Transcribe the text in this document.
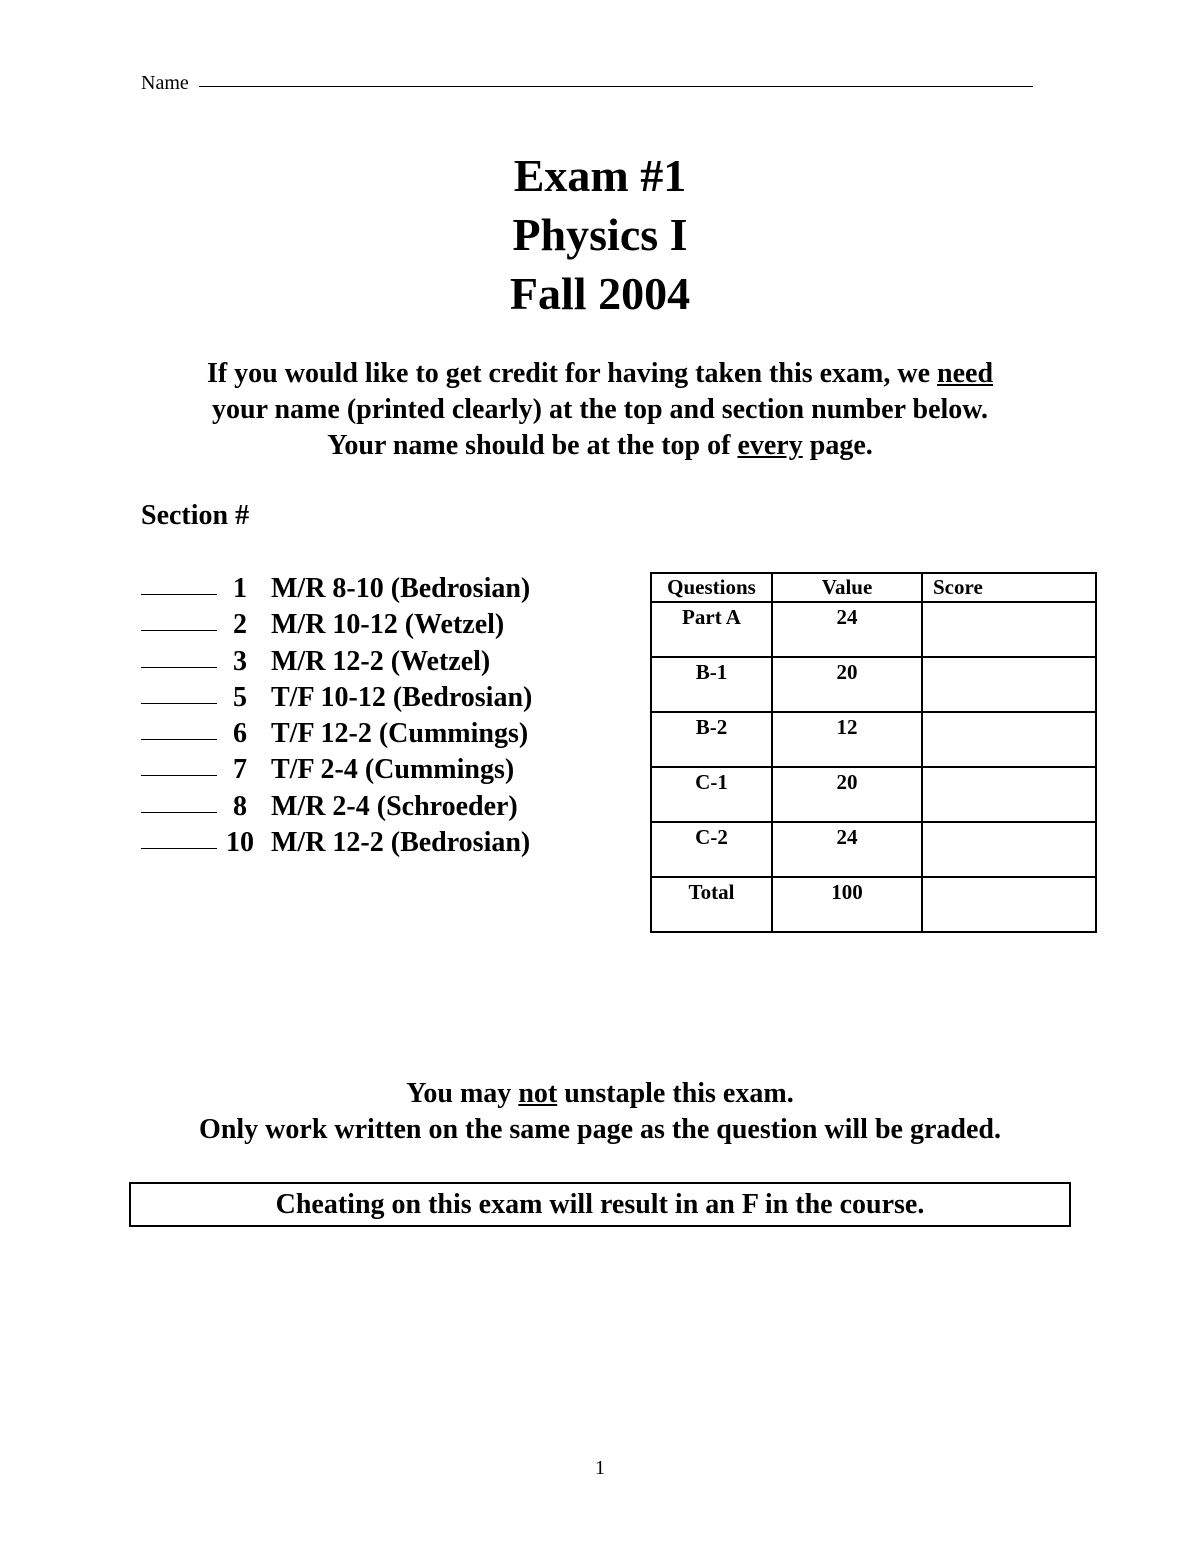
Name
Exam #1
Physics I
Fall 2004
If you would like to get credit for having taken this exam, we need
your name (printed clearly) at the top and section number below.
Your name should be at the top of every page.
Section #
1 M/R 8-10 (Bedrosian)
2 M/R 10-12 (Wetzel)
3 M/R 12-2 (Wetzel)
5 T/F 10-12 (Bedrosian)
6 T/F 12-2 (Cummings)
7 T/F 2-4 (Cummings)
8 M/R 2-4 (Schroeder)
10 M/R 12-2 (Bedrosian)
Questions	Value	Score
Part A	24	
B-1	20	
B-2	12	
C-1	20	
C-2	24	
Total	100	
You may not unstaple this exam.
Only work written on the same page as the question will be graded.
Cheating on this exam will result in an F in the course.
1
